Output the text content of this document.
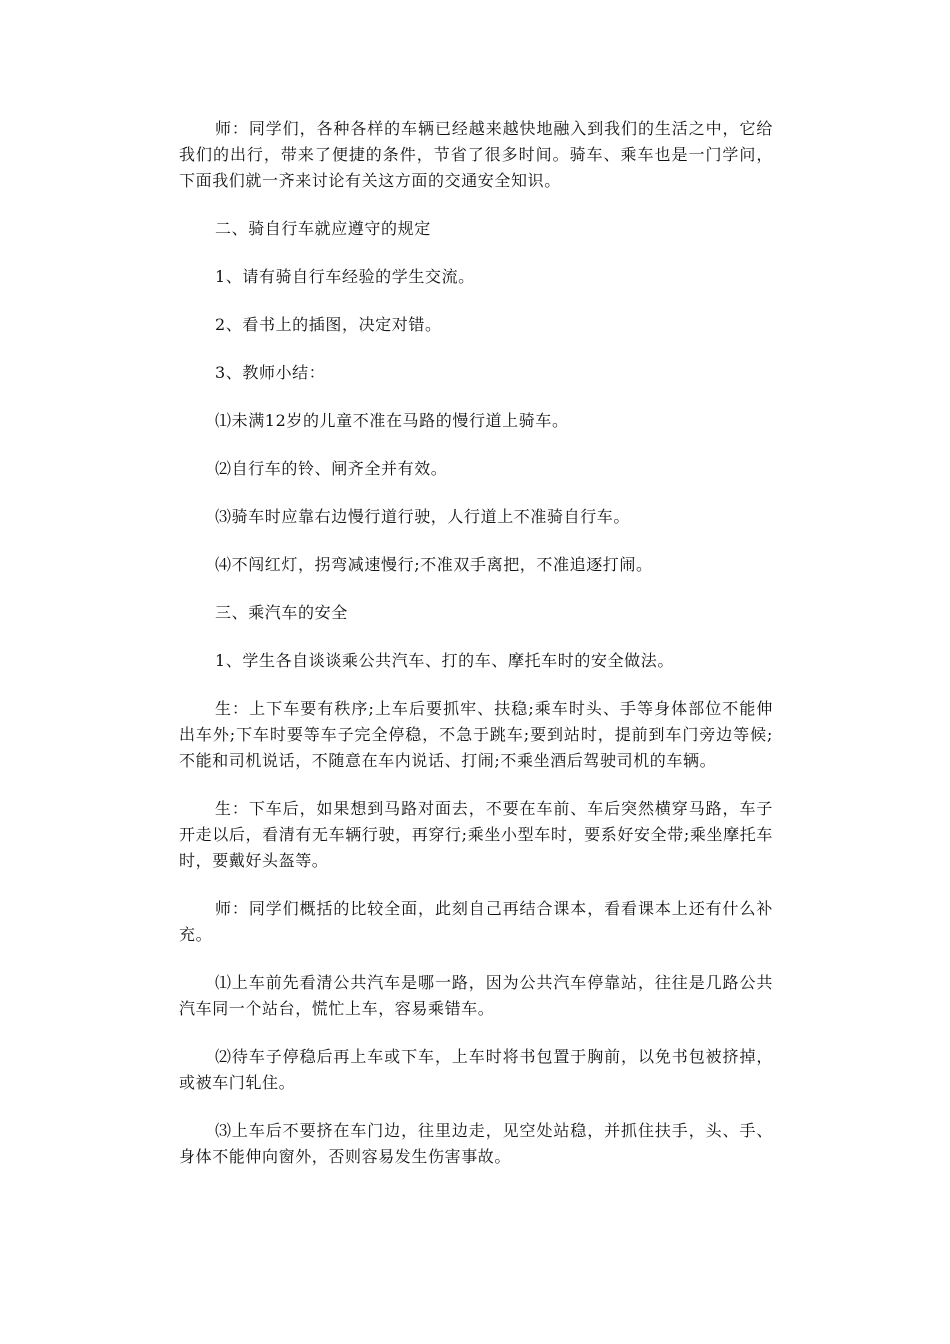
师：同学们，各种各样的车辆已经越来越快地融入到我们的生活之中，它给我们的出行，带来了便捷的条件，节省了很多时间。骑车、乘车也是一门学问，下面我们就一齐来讨论有关这方面的交通安全知识。

二、骑自行车就应遵守的规定

1、请有骑自行车经验的学生交流。

2、看书上的插图，决定对错。

3、教师小结：

⑴未满12岁的儿童不准在马路的慢行道上骑车。

⑵自行车的铃、闸齐全并有效。

⑶骑车时应靠右边慢行道行驶，人行道上不准骑自行车。

⑷不闯红灯，拐弯减速慢行;不准双手离把，不准追逐打闹。

三、乘汽车的安全

1、学生各自谈谈乘公共汽车、打的车、摩托车时的安全做法。

生：上下车要有秩序;上车后要抓牢、扶稳;乘车时头、手等身体部位不能伸出车外;下车时要等车子完全停稳，不急于跳车;要到站时，提前到车门旁边等候;不能和司机说话，不随意在车内说话、打闹;不乘坐酒后驾驶司机的车辆。

生：下车后，如果想到马路对面去，不要在车前、车后突然横穿马路，车子开走以后，看清有无车辆行驶，再穿行;乘坐小型车时，要系好安全带;乘坐摩托车时，要戴好头盔等。

师：同学们概括的比较全面，此刻自己再结合课本，看看课本上还有什么补充。

⑴上车前先看清公共汽车是哪一路，因为公共汽车停靠站，往往是几路公共汽车同一个站台，慌忙上车，容易乘错车。

⑵待车子停稳后再上车或下车，上车时将书包置于胸前，以免书包被挤掉，或被车门轧住。

⑶上车后不要挤在车门边，往里边走，见空处站稳，并抓住扶手，头、手、身体不能伸向窗外，否则容易发生伤害事故。
